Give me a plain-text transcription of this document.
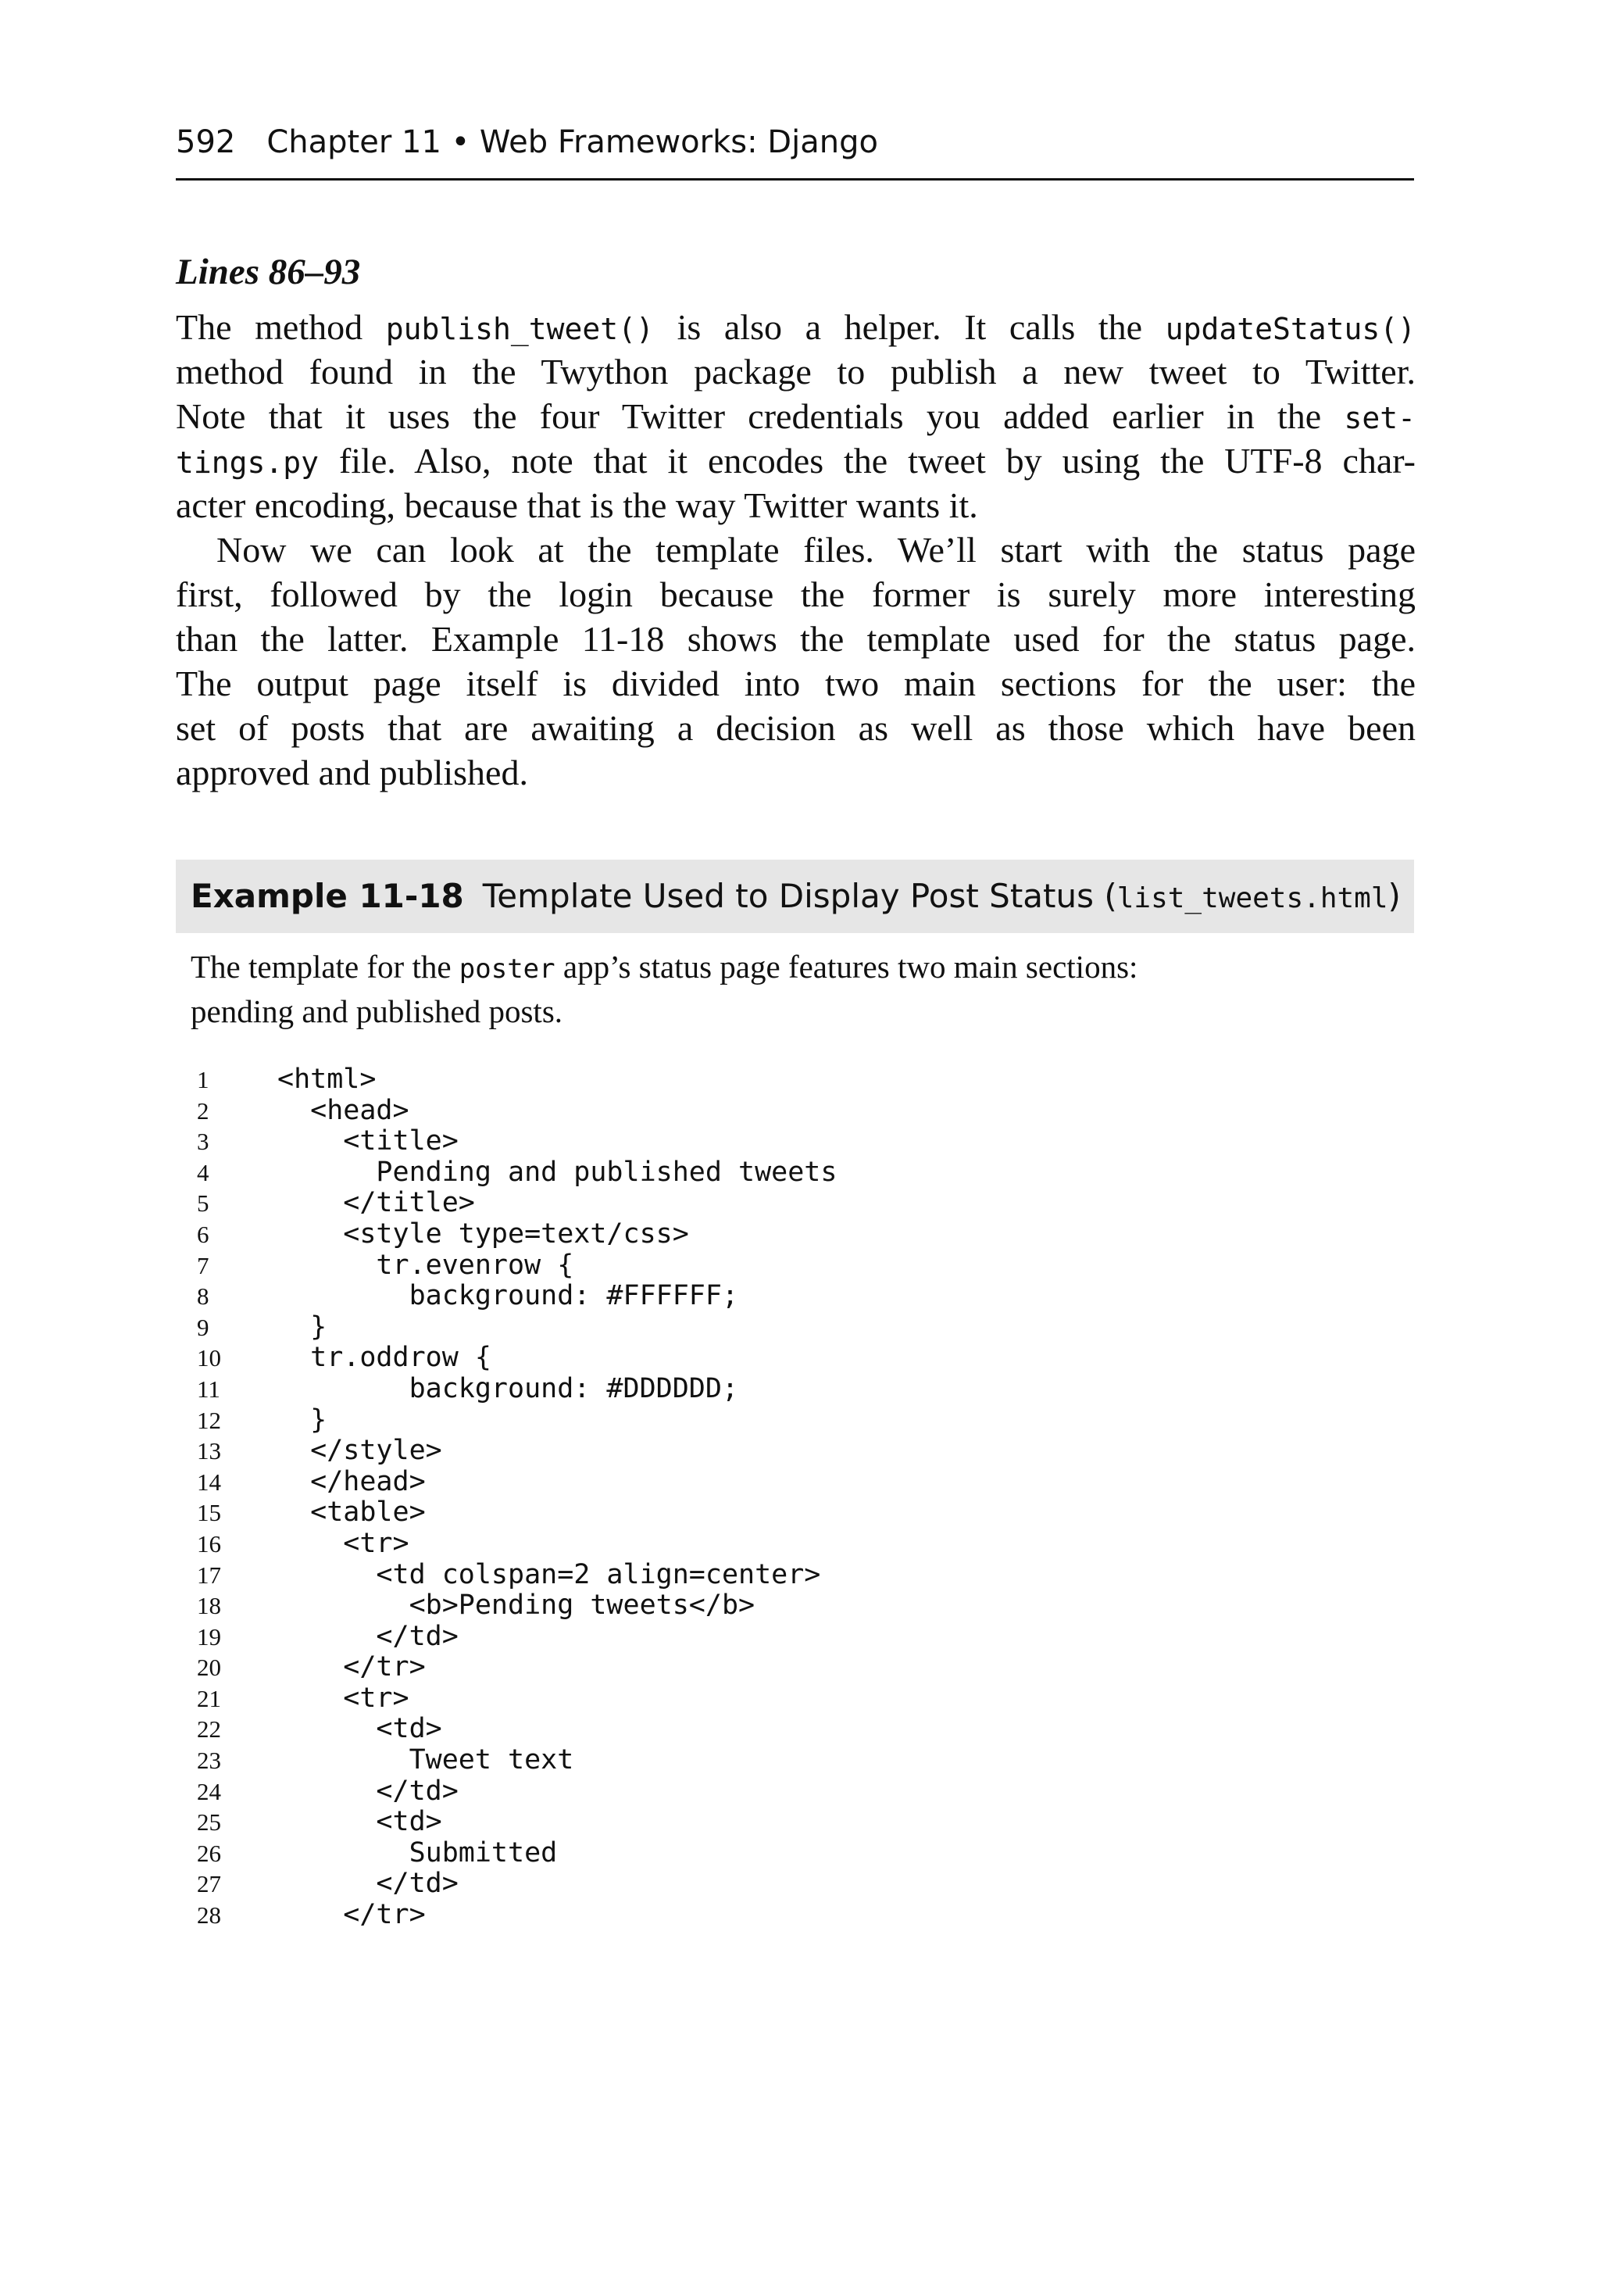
592 Chapter 11 • Web Frameworks: Django
Lines 86–93
The method publish_tweet() is also a helper. It calls the updateStatus()
method found in the Twython package to publish a new tweet to Twitter.
Note that it uses the four Twitter credentials you added earlier in the set-
tings.py file. Also, note that it encodes the tweet by using the UTF-8 char-
acter encoding, because that is the way Twitter wants it.
Now we can look at the template files. We’ll start with the status page
first, followed by the login because the former is surely more interesting
than the latter. Example 11-18 shows the template used for the status page.
The output page itself is divided into two main sections for the user: the
set of posts that are awaiting a decision as well as those which have been
approved and published.
Example 11-18 Template Used to Display Post Status (list_tweets.html)
The template for the poster app’s status page features two main sections:
pending and published posts.
1	<html>
2	<head>
3	<title>
4	Pending and published tweets
5	</title>
6	<style type=text/css>
7	tr.evenrow {
8	background: #FFFFFF;
9	}
10 tr.oddrow {
11 background: #DDDDDD;
12 }
13 </style>
14 </head>
15 <table>
16 <tr>
17 <td colspan=2 align=center>
18 <b>Pending tweets</b>
19 </td>
20 </tr>
21 <tr>
22 <td>
23 Tweet text
24 </td>
25 <td>
26 Submitted
27 </td>
28 </tr>
